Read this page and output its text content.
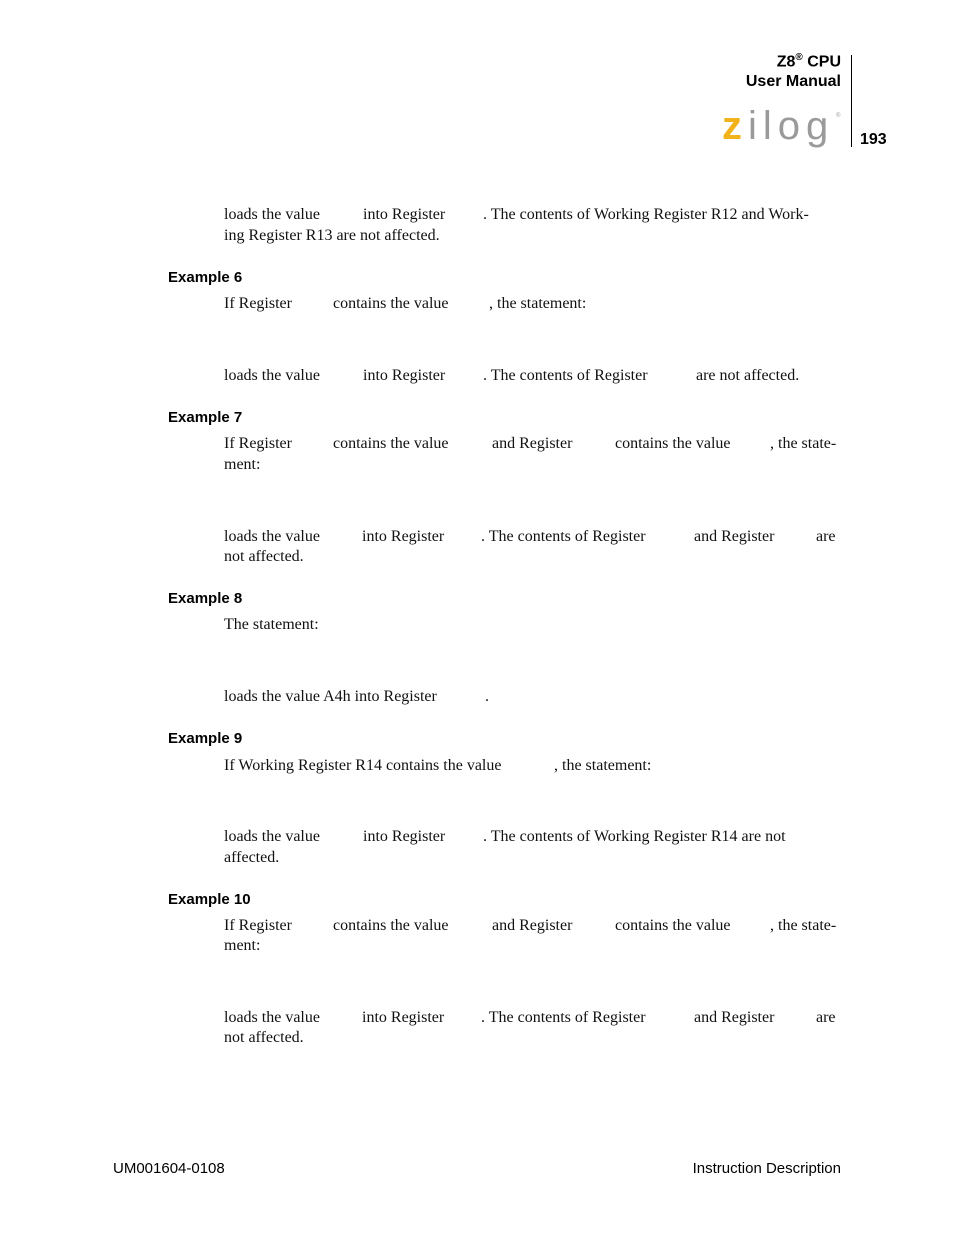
Z8® CPU
User Manual
193
z ilog ®
loads the value	into Register . The contents of Working Register R12 and Work-
ing Register R13 are not affected.
Example 6
If Register	contains the value	, the statement:
loads the value	into Register . The contents of Register	are not affected.
Example 7
If Register	contains the value	and Register	contains the value , the state-
ment:
loads the value	into Register . The contents of Register	and Register	are
not affected.
Example 8
The statement:
loads the value A4h into Register	.
Example 9
If Working Register R14 contains the value	, the statement:
loads the value	into Register . The contents of Working Register R14 are not
affected.
Example 10
If Register	contains the value	and Register	contains the value , the state-
ment:
loads the value	into Register . The contents of Register	and Register	are
not affected.
UM001604-0108	Instruction Description
